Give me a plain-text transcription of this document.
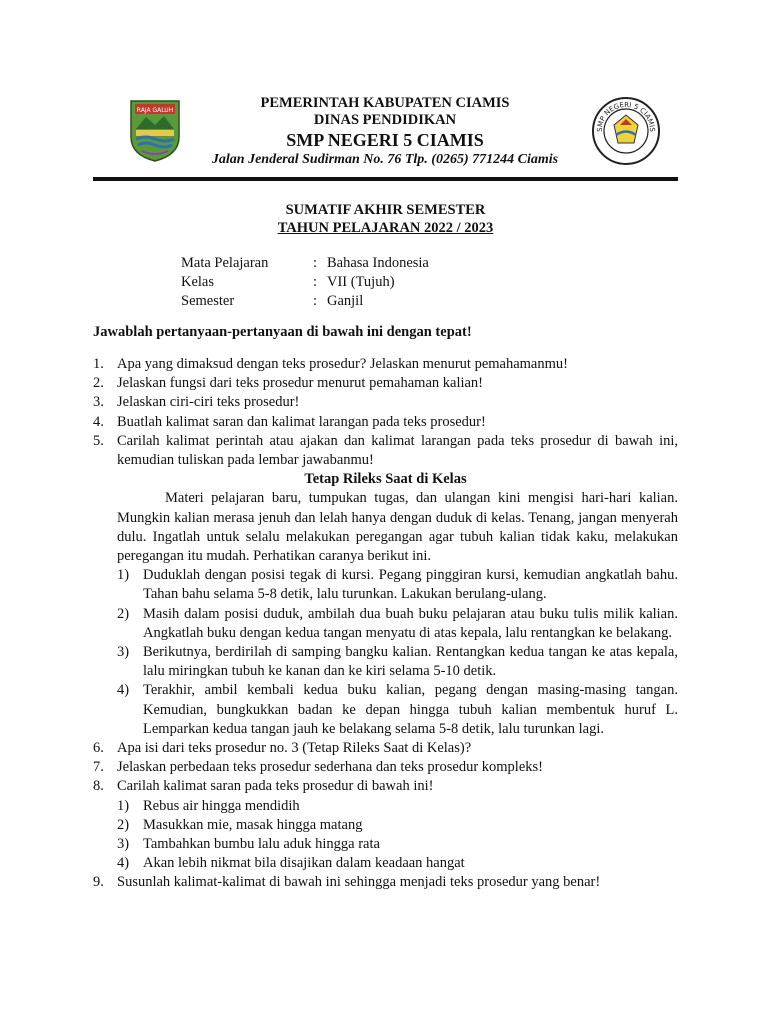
RAJA GALUH	PEMERINTAH KABUPATEN CIAMIS
DINAS PENDIDIKAN
SMP NEGERI 5 CIAMIS
Jalan Jenderal Sudirman No. 76 Tlp. (0265) 771244 Ciamis
SMP NEGERI 5 CIAMIS
SUMATIF AKHIR SEMESTER
TAHUN PELAJARAN 2022 / 2023
Mata Pelajaran	: Bahasa Indonesia
Kelas	: VII (Tujuh)
Semester	: Ganjil
Jawablah pertanyaan-pertanyaan di bawah ini dengan tepat!
1. Apa yang dimaksud dengan teks prosedur? Jelaskan menurut pemahamanmu!
2. Jelaskan fungsi dari teks prosedur menurut pemahaman kalian!
3. Jelaskan ciri-ciri teks prosedur!
4. Buatlah kalimat saran dan kalimat larangan pada teks prosedur!
5. Carilah kalimat perintah atau ajakan dan kalimat larangan pada teks prosedur di bawah ini, kemudian tuliskan pada lembar jawabanmu!
Tetap Rileks Saat di Kelas
Materi pelajaran baru, tumpukan tugas, dan ulangan kini mengisi hari-hari kalian. Mungkin kalian merasa jenuh dan lelah hanya dengan duduk di kelas. Tenang, jangan menyerah dulu. Ingatlah untuk selalu melakukan peregangan agar tubuh kalian tidak kaku, melakukan peregangan itu mudah. Perhatikan caranya berikut ini.
1) Duduklah dengan posisi tegak di kursi. Pegang pinggiran kursi, kemudian angkatlah bahu. Tahan bahu selama 5-8 detik, lalu turunkan. Lakukan berulang-ulang.
2) Masih dalam posisi duduk, ambilah dua buah buku pelajaran atau buku tulis milik kalian. Angkatlah buku dengan kedua tangan menyatu di atas kepala, lalu rentangkan ke belakang.
3) Berikutnya, berdirilah di samping bangku kalian. Rentangkan kedua tangan ke atas kepala, lalu miringkan tubuh ke kanan dan ke kiri selama 5-10 detik.
4) Terakhir, ambil kembali kedua buku kalian, pegang dengan masing-masing tangan. Kemudian, bungkukkan badan ke depan hingga tubuh kalian membentuk huruf L. Lemparkan kedua tangan jauh ke belakang selama 5-8 detik, lalu turunkan lagi.
6. Apa isi dari teks prosedur no. 3 (Tetap Rileks Saat di Kelas)?
7. Jelaskan perbedaan teks prosedur sederhana dan teks prosedur kompleks!
8. Carilah kalimat saran pada teks prosedur di bawah ini!
1) Rebus air hingga mendidih
2) Masukkan mie, masak hingga matang
3) Tambahkan bumbu lalu aduk hingga rata
4) Akan lebih nikmat bila disajikan dalam keadaan hangat
9. Susunlah kalimat-kalimat di bawah ini sehingga menjadi teks prosedur yang benar!
